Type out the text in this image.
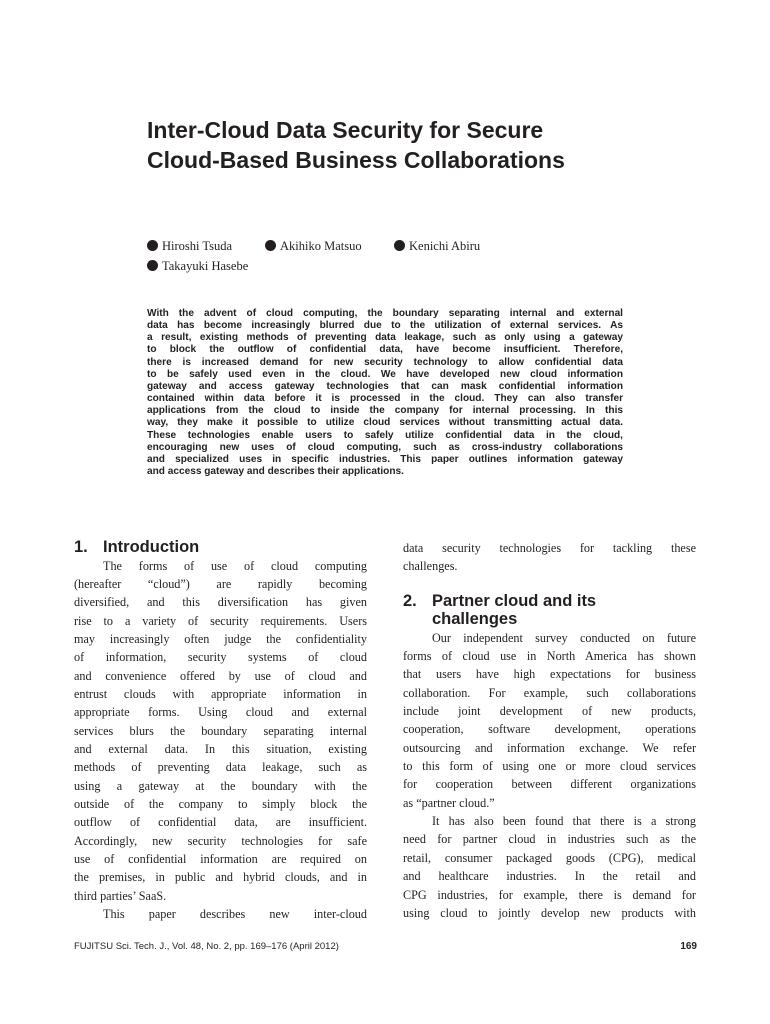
Inter-Cloud Data Security for Secure
Cloud-Based Business Collaborations
Hiroshi Tsuda	Akihiko Matsuo	Kenichi Abiru
Takayuki Hasebe
With the advent of cloud computing, the boundary separating internal and external
data has become increasingly blurred due to the utilization of external services. As
a result, existing methods of preventing data leakage, such as only using a gateway
to block the outflow of confidential data, have become insufficient. Therefore,
there is increased demand for new security technology to allow confidential data
to be safely used even in the cloud. We have developed new cloud information
gateway and access gateway technologies that can mask confidential information
contained within data before it is processed in the cloud. They can also transfer
applications from the cloud to inside the company for internal processing. In this
way, they make it possible to utilize cloud services without transmitting actual data.
These technologies enable users to safely utilize confidential data in the cloud,
encouraging new uses of cloud computing, such as cross-industry collaborations
and specialized uses in specific industries. This paper outlines information gateway
and access gateway and describes their applications.
1. Introduction
The forms of use of cloud computing
(hereafter “cloud”) are rapidly becoming
diversified, and this diversification has given
rise to a variety of security requirements. Users
may increasingly often judge the confidentiality
of information, security systems of cloud
and convenience offered by use of cloud and
entrust clouds with appropriate information in
appropriate forms. Using cloud and external
services blurs the boundary separating internal
and external data. In this situation, existing
methods of preventing data leakage, such as
using a gateway at the boundary with the
outside of the company to simply block the
outflow of confidential data, are insufficient.
Accordingly, new security technologies for safe
use of confidential information are required on
the premises, in public and hybrid clouds, and in
third parties’ SaaS.
This paper describes new inter-cloud
data security technologies for tackling these
challenges.
2. Partner cloud and its
challenges
Our independent survey conducted on future
forms of cloud use in North America has shown
that users have high expectations for business
collaboration. For example, such collaborations
include joint development of new products,
cooperation, software development, operations
outsourcing and information exchange. We refer
to this form of using one or more cloud services
for cooperation between different organizations
as “partner cloud.”
It has also been found that there is a strong
need for partner cloud in industries such as the
retail, consumer packaged goods (CPG), medical
and healthcare industries. In the retail and
CPG industries, for example, there is demand for
using cloud to jointly develop new products with
FUJITSU Sci. Tech. J., Vol. 48, No. 2, pp. 169–176 (April 2012)	169
